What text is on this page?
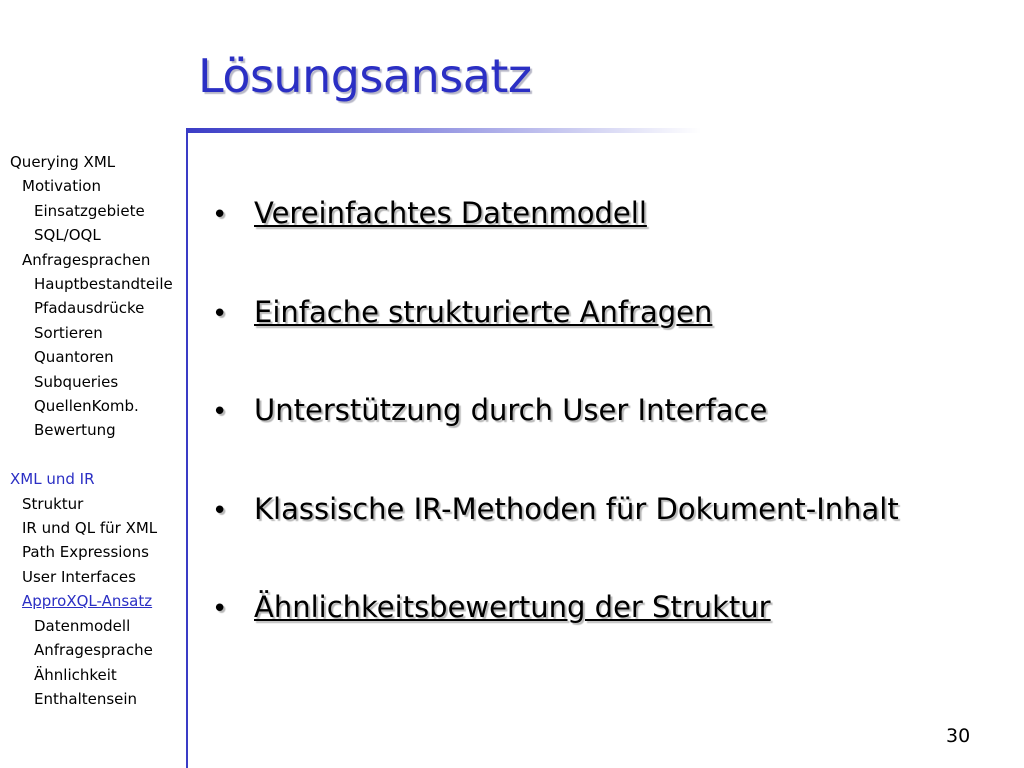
Lösungsansatz
Querying XML
Motivation
Einsatzgebiete
SQL/OQL
Anfragesprachen
Hauptbestandteile
Pfadausdrücke
Sortieren
Quantoren
Subqueries
QuellenKomb.
Bewertung
XML und IR
Struktur
IR und QL für XML
Path Expressions
User Interfaces
ApproXQL-Ansatz
Datenmodell
Anfragesprache
Ähnlichkeit
Enthaltensein
• Vereinfachtes Datenmodell
• Einfache strukturierte Anfragen
• Unterstützung durch User Interface
• Klassische IR-Methoden für Dokument-Inhalt
• Ähnlichkeitsbewertung der Struktur
30
